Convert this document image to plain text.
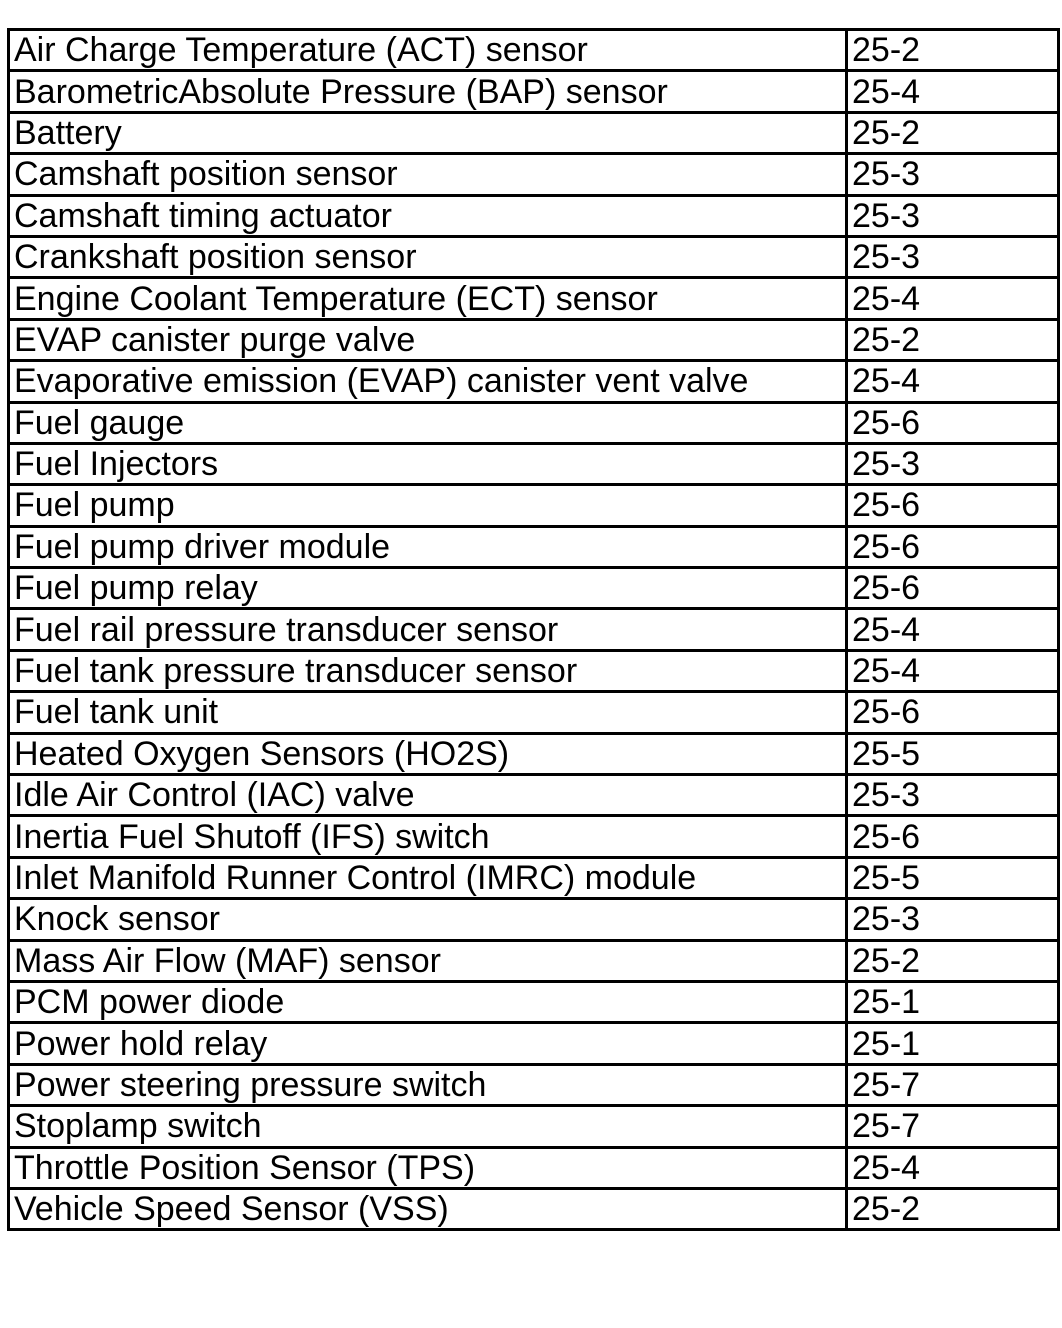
Air Charge Temperature (ACT) sensor	25-2
BarometricAbsolute Pressure (BAP) sensor	25-4
Battery	25-2
Camshaft position sensor	25-3
Camshaft timing actuator	25-3
Crankshaft position sensor	25-3
Engine Coolant Temperature (ECT) sensor	25-4
EVAP canister purge valve	25-2
Evaporative emission (EVAP) canister vent valve	25-4
Fuel gauge	25-6
Fuel Injectors	25-3
Fuel pump	25-6
Fuel pump driver module	25-6
Fuel pump relay	25-6
Fuel rail pressure transducer sensor	25-4
Fuel tank pressure transducer sensor	25-4
Fuel tank unit	25-6
Heated Oxygen Sensors (HO2S)	25-5
Idle Air Control (IAC) valve	25-3
Inertia Fuel Shutoff (IFS) switch	25-6
Inlet Manifold Runner Control (IMRC) module	25-5
Knock sensor	25-3
Mass Air Flow (MAF) sensor	25-2
PCM power diode	25-1
Power hold relay	25-1
Power steering pressure switch	25-7
Stoplamp switch	25-7
Throttle Position Sensor (TPS)	25-4
Vehicle Speed Sensor (VSS)	25-2
